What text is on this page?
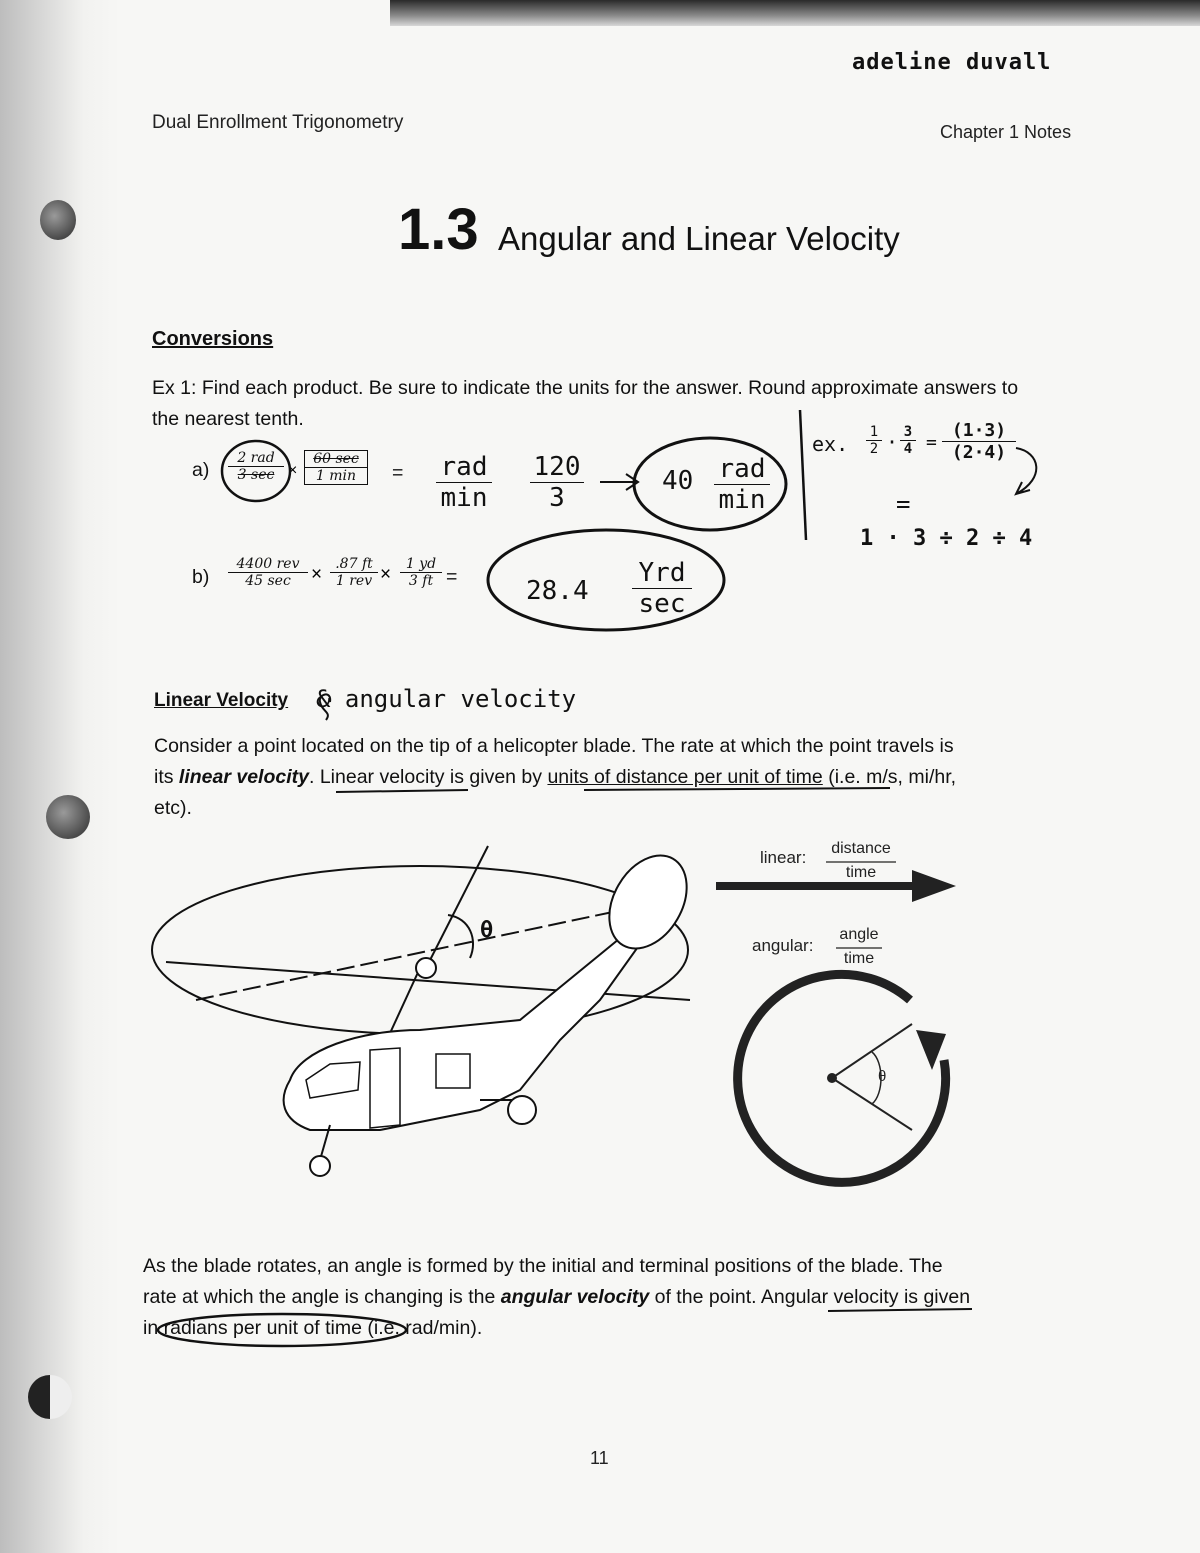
adeline duvall
Dual Enrollment Trigonometry	Chapter 1 Notes
1.3 Angular and Linear Velocity
Conversions
Ex 1: Find each product. Be sure to indicate the units for the answer. Round approximate answers to the nearest tenth.
a)
2 rad
3 sec ×
60 sec
1 min	= rad
$\min \frac{120}{3}$	40 rad
min
b)
4400 rev
45 sec	× .87 ft
1 rev × $\frac{1 yd}{3 ft}$ =	28.4
Yrd
sec
ex. $\frac{1}{2} \cdot \frac{3}{4} = \frac{(1\cdot 3)}{(2\cdot 4)}$
=
1 · 3 ÷ 2 ÷ 4
Linear Velocity & angular velocity
Consider a point located on the tip of a helicopter blade. The rate at which the point travels is
its linear velocity. Linear velocity is given by units of distance per unit of time (i.e. m/s, mi/hr,
etc).
linear:	distance
time
angular:
angle
time
θ
θ
As the blade rotates, an angle is formed by the initial and terminal positions of the blade. The
rate at which the angle is changing is the angular velocity of the point. Angular velocity is given
in radians per unit of time (i.e. rad/min).
11
